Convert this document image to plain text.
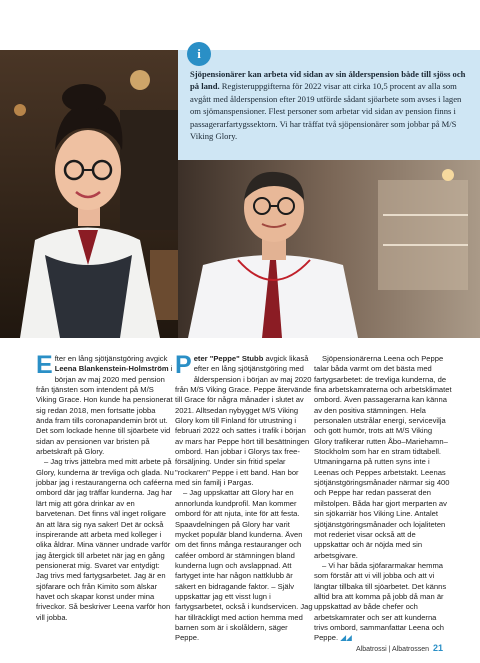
Sjöpensionärer kan arbeta vid sidan av sin ålderspension både till sjöss och på land. Registeruppgifterna för 2022 visar att cirka 10,5 procent av alla som avgått med ålderspension efter 2019 utförde sådant sjöarbete som avses i lagen om sjömanspensioner. Flest personer som arbetar vid sidan av pension finns i passagerarfartygssektorn. Vi har träffat två sjöpensionärer som jobbar på M/S Viking Glory.

i

Efter en lång sjötjänstgöring avgick Leena Blankenstein-Holmström i början av maj 2020 med pension från tjänsten som intendent på M/S Viking Grace. Hon kunde ha pensionerat sig redan 2018, men fortsatte jobba ända fram tills coronapandemin bröt ut. Det som lockade henne till sjöarbete vid sidan av pensionen var bristen på arbetskraft på Glory.

– Jag trivs jättebra med mitt arbete på Glory, kunderna är trevliga och glada. Nu jobbar jag i restaurangerna och caféerna ombord där jag träffar kunderna. Jag har lärt mig att göra drinkar av en barvetenan. Det finns väl inget roligare än att lära sig nya saker! Det är också inspirerande att arbeta med kolleger i olika åldrar. Mina vänner undrade varför jag återgick till arbetet när jag en gång pensionerat mig. Svaret var entydigt: Jag trivs med fartygsarbetet. Jag är en sjöfarare och från Kimito som älskar havet och skapar konst under mina friveckor. Så beskriver Leena varför hon vill jobba.

Peter "Peppe" Stubb avgick likaså efter en lång sjötjänstgöring med ålderspension i början av maj 2020 från M/S Viking Grace. Peppe återvände till Grace för några månader i slutet av 2021. Alltsedan nybygget M/S Viking Glory kom till Finland för utrustning i februari 2022 och sattes i trafik i början av mars har Peppe hört till besättningen ombord. Han jobbar i Glorys tax free-försäljning. Under sin fritid spelar "rockaren" Peppe i ett band. Han bor med sin familj i Pargas.

– Jag uppskattar att Glory har en annorlunda kundprofil. Man kommer ombord för att njuta, inte för att festa. Spaavdelningen på Glory har varit mycket populär bland kunderna. Även om det finns många restauranger och caféer ombord är stämningen bland kunderna lugn och avslappnad. Att fartyget inte har någon nattklubb är säkert en bidragande faktor. – Själv uppskattar jag ett visst lugn i fartygsarbetet, också i kundservicen. Jag har tillräckligt med action hemma med barnen som är i skolåldern, säger Peppe.

Sjöpensionärerna Leena och Peppe talar båda varmt om det bästa med fartygsarbetet: de trevliga kunderna, de fina arbetskamraterna och arbetsklimatet ombord. Även passagerarna kan känna av den positiva stämningen. Hela personalen utstrålar energi, servicevilja och gott humör, trots att M/S Viking Glory trafikerar rutten Åbo–Mariehamn–Stockholm som har en stram tidtabell. Utmaningarna på rutten syns inte i Leenas och Peppes arbetstakt. Leenas sjötjänstgöringsmånader närmar sig 400 och Peppe har redan passerat den milstolpen. Båda har gjort merparten av sin sjökarriär hos Viking Line. Antalet sjötjänstgöringsmånader och lojaliteten mot rederiet visar också att de uppskattar och är nöjda med sin arbetsgivare.

– Vi har båda sjöfararmakar hemma som förstår att vi vill jobba och att vi längtar tillbaka till sjöarbetet. Det känns alltid bra att komma på jobb då man är uppskattad av både chefer och arbetskamrater och ser att kunderna trivs ombord, sammanfattar Leena och Peppe. ◢◢

Albatrossi | Albatrossen 21
